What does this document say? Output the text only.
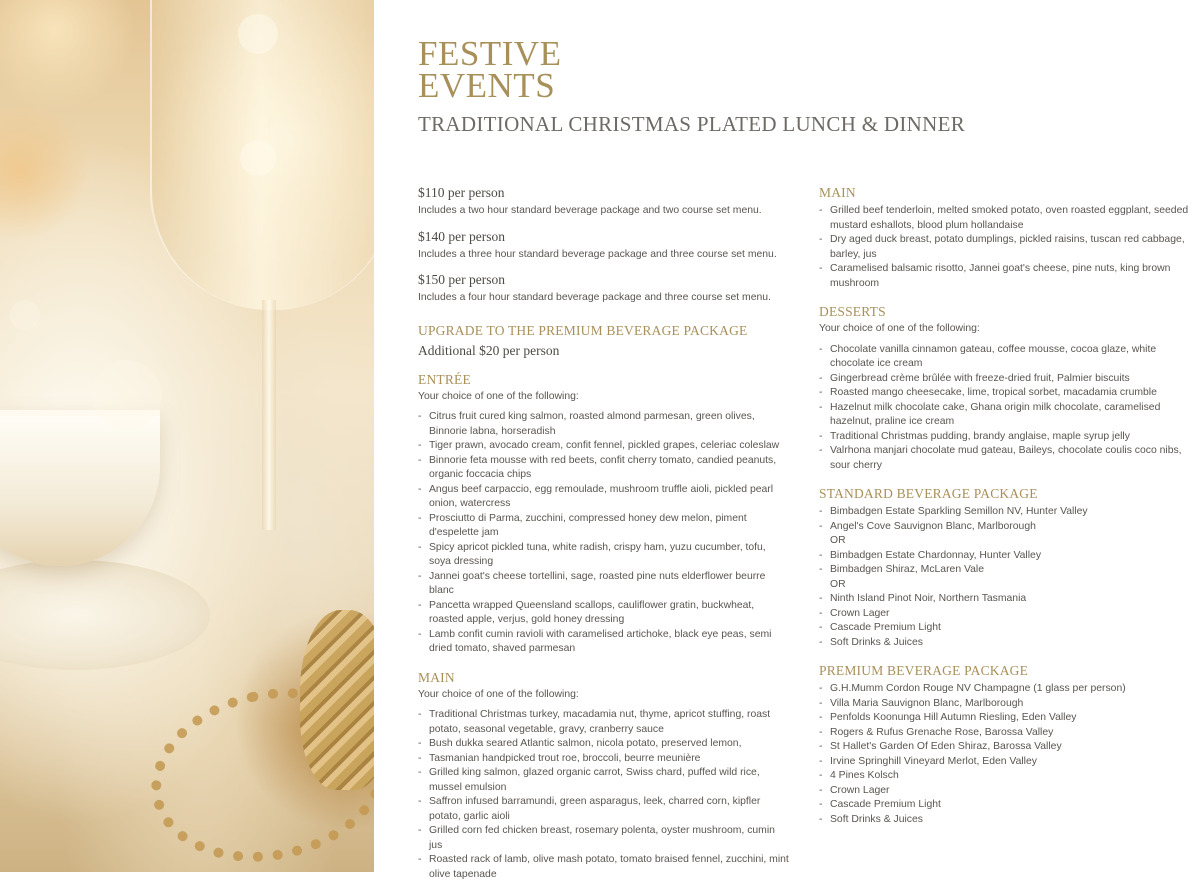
FESTIVE
EVENTS
TRADITIONAL CHRISTMAS PLATED LUNCH & DINNER

$110 per person

Includes a two hour standard beverage package and two course set menu.

$140 per person

Includes a three hour standard beverage package and three course set menu.

$150 per person

Includes a four hour standard beverage package and three course set menu.

UPGRADE TO THE PREMIUM BEVERAGE PACKAGE

Additional $20 per person

ENTRÉE

Your choice of one of the following:

- Citrus fruit cured king salmon, roasted almond parmesan, green olives, Binnorie labna, horseradish
- Tiger prawn, avocado cream, confit fennel, pickled grapes, celeriac coleslaw
- Binnorie feta mousse with red beets, confit cherry tomato, candied peanuts, organic foccacia chips
- Angus beef carpaccio, egg remoulade, mushroom truffle aioli, pickled pearl onion, watercress
- Prosciutto di Parma, zucchini, compressed honey dew melon, piment d'espelette jam
- Spicy apricot pickled tuna, white radish, crispy ham, yuzu cucumber, tofu, soya dressing
- Jannei goat's cheese tortellini, sage, roasted pine nuts elderflower beurre blanc
- Pancetta wrapped Queensland scallops, cauliflower gratin, buckwheat, roasted apple, verjus, gold honey dressing
- Lamb confit cumin ravioli with caramelised artichoke, black eye peas, semi dried tomato, shaved parmesan

MAIN

Your choice of one of the following:

- Traditional Christmas turkey, macadamia nut, thyme, apricot stuffing, roast potato, seasonal vegetable, gravy, cranberry sauce
- Bush dukka seared Atlantic salmon, nicola potato, preserved lemon,
- Tasmanian handpicked trout roe, broccoli, beurre meunière
- Grilled king salmon, glazed organic carrot, Swiss chard, puffed wild rice, mussel emulsion
- Saffron infused barramundi, green asparagus, leek, charred corn, kipfler potato, garlic aioli
- Grilled corn fed chicken breast, rosemary polenta, oyster mushroom, cumin jus
- Roasted rack of lamb, olive mash potato, tomato braised fennel, zucchini, mint olive tapenade

MAIN

- Grilled beef tenderloin, melted smoked potato, oven roasted eggplant, seeded mustard eshallots, blood plum hollandaise
- Dry aged duck breast, potato dumplings, pickled raisins, tuscan red cabbage, barley, jus
- Caramelised balsamic risotto, Jannei goat's cheese, pine nuts, king brown mushroom

DESSERTS

Your choice of one of the following:

- Chocolate vanilla cinnamon gateau, coffee mousse, cocoa glaze, white chocolate ice cream
- Gingerbread crème brûlée with freeze-dried fruit, Palmier biscuits
- Roasted mango cheesecake, lime, tropical sorbet, macadamia crumble
- Hazelnut milk chocolate cake, Ghana origin milk chocolate, caramelised hazelnut, praline ice cream
- Traditional Christmas pudding, brandy anglaise, maple syrup jelly
- Valrhona manjari chocolate mud gateau, Baileys, chocolate coulis coco nibs, sour cherry

STANDARD BEVERAGE PACKAGE

- Bimbadgen Estate Sparkling Semillon NV, Hunter Valley
- Angel's Cove Sauvignon Blanc, Marlborough
OR
- Bimbadgen Estate Chardonnay, Hunter Valley
- Bimbadgen Shiraz, McLaren Vale
OR
- Ninth Island Pinot Noir, Northern Tasmania
- Crown Lager
- Cascade Premium Light
- Soft Drinks & Juices

PREMIUM BEVERAGE PACKAGE

- G.H.Mumm Cordon Rouge NV Champagne (1 glass per person)
- Villa Maria Sauvignon Blanc, Marlborough
- Penfolds Koonunga Hill Autumn Riesling, Eden Valley
- Rogers & Rufus Grenache Rose, Barossa Valley
- St Hallet's Garden Of Eden Shiraz, Barossa Valley
- Irvine Springhill Vineyard Merlot, Eden Valley
- 4 Pines Kolsch
- Crown Lager
- Cascade Premium Light
- Soft Drinks & Juices
